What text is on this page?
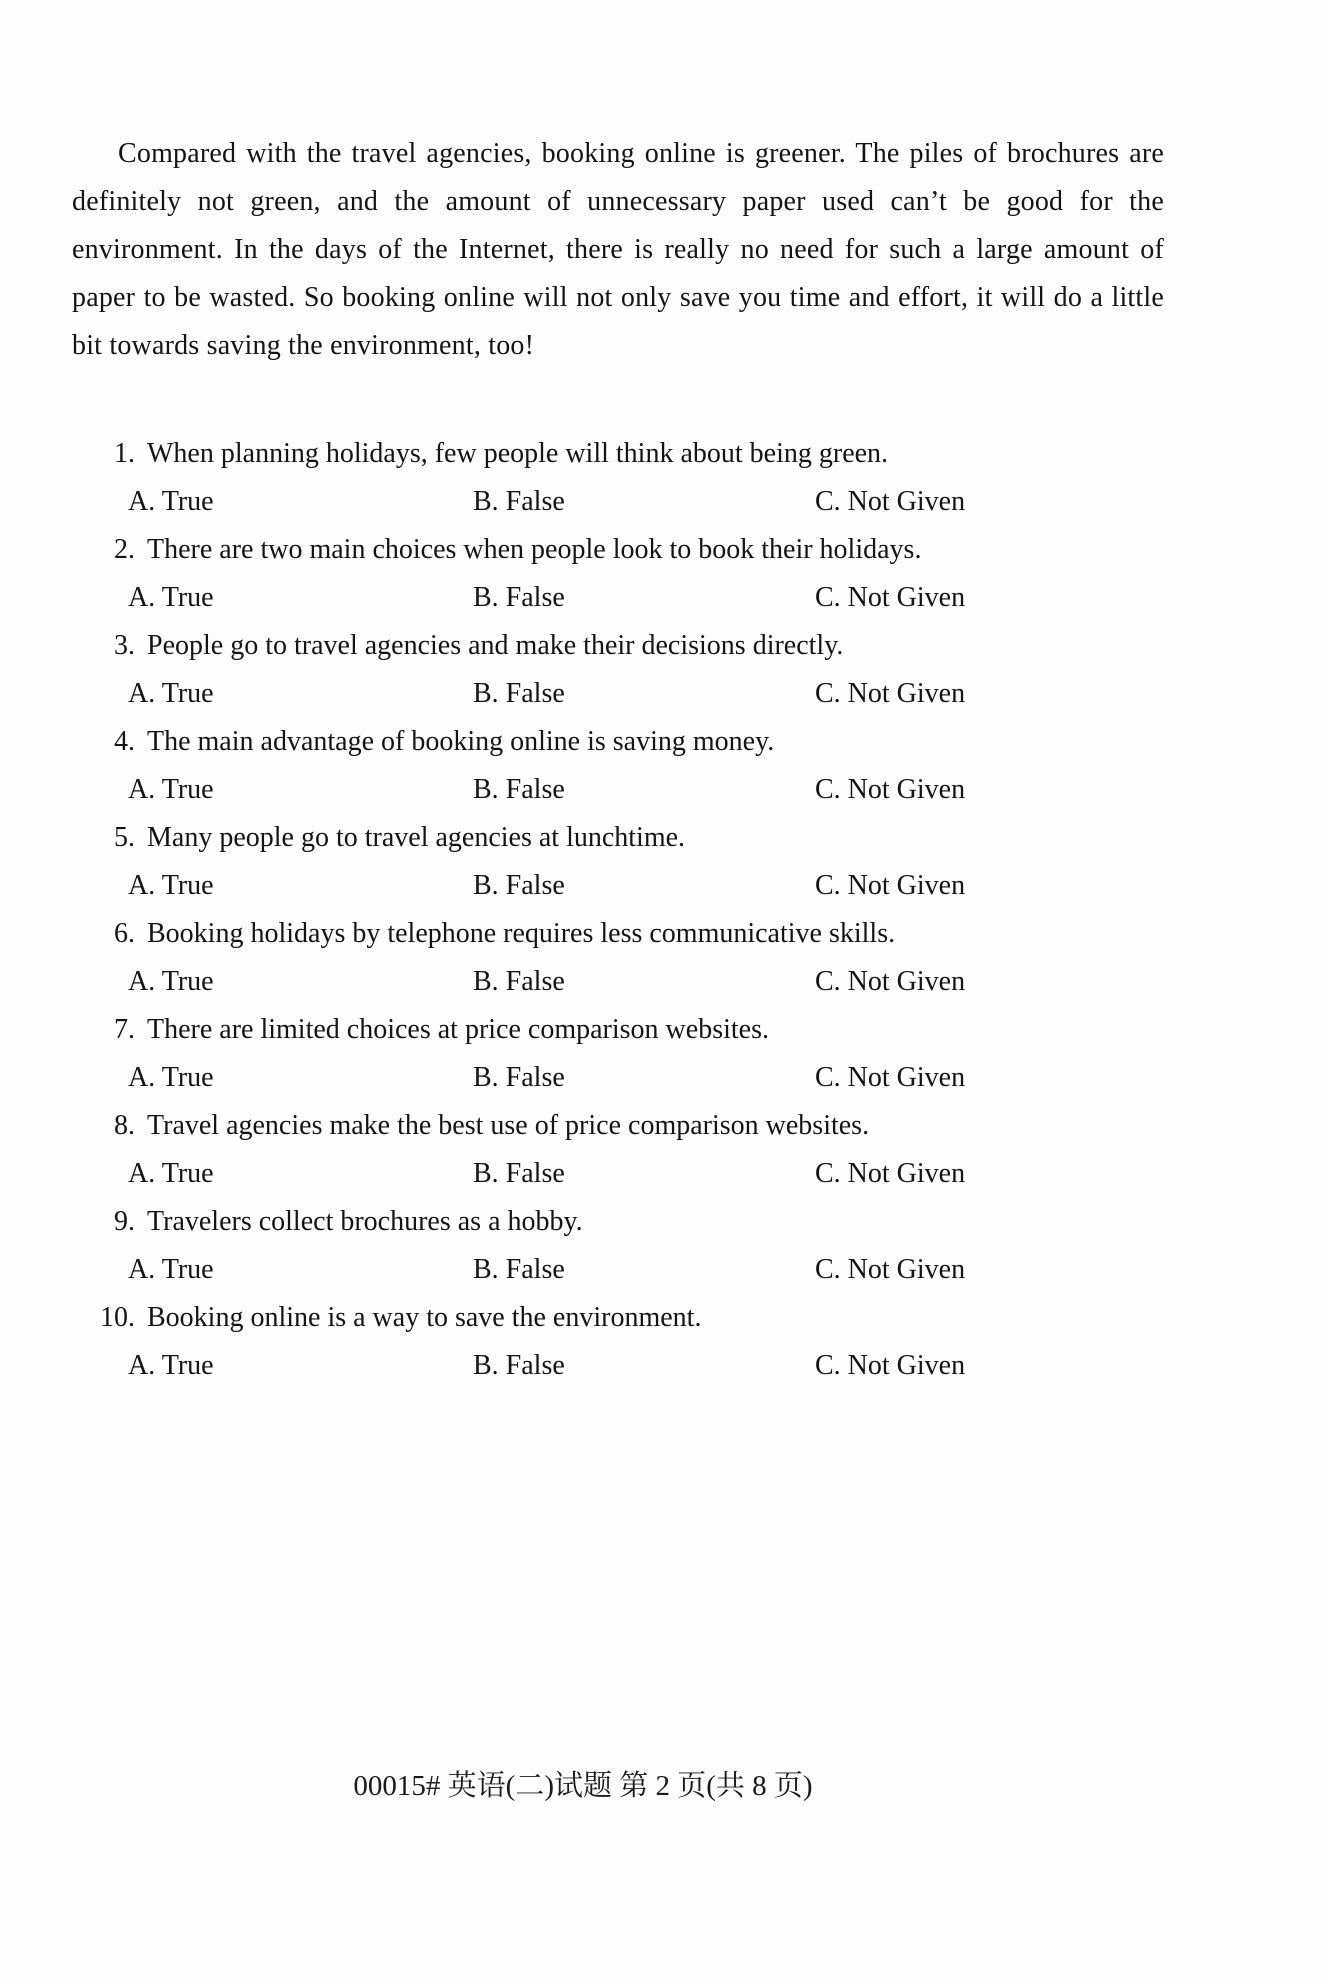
Compared with the travel agencies, booking online is greener. The piles of brochures are definitely not green, and the amount of unnecessary paper used can’t be good for the environment. In the days of the Internet, there is really no need for such a large amount of paper to be wasted. So booking online will not only save you time and effort, it will do a little bit towards saving the environment, too!
1. When planning holidays, few people will think about being green.
A. True	B. False	C. Not Given
2. There are two main choices when people look to book their holidays.
A. True	B. False	C. Not Given
3. People go to travel agencies and make their decisions directly.
A. True	B. False	C. Not Given
4. The main advantage of booking online is saving money.
A. True	B. False	C. Not Given
5. Many people go to travel agencies at lunchtime.
A. True	B. False	C. Not Given
6. Booking holidays by telephone requires less communicative skills.
A. True	B. False	C. Not Given
7. There are limited choices at price comparison websites.
A. True	B. False	C. Not Given
8. Travel agencies make the best use of price comparison websites.
A. True	B. False	C. Not Given
9. Travelers collect brochures as a hobby.
A. True	B. False	C. Not Given
10. Booking online is a way to save the environment.
A. True	B. False	C. Not Given
00015# 英语(二)试题 第 2 页(共 8 页)
